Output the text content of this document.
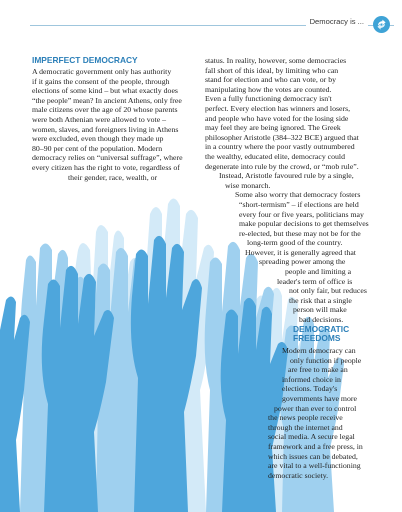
Democracy is ...
IMPERFECT DEMOCRACY
A democratic government only has authority
if it gains the consent of the people, through
elections of some kind – but what exactly does
“the people” mean? In ancient Athens, only free
male citizens over the age of 20 whose parents
were both Athenian were allowed to vote –
women, slaves, and foreigners living in Athens
were excluded, even though they made up
80–90 per cent of the population. Modern
democracy relies on “universal suffrage”, where
every citizen has the right to vote, regardless of
their gender, race, wealth, or
status. In reality, however, some democracies
fall short of this ideal, by limiting who can
stand for election and who can vote, or by
manipulating how the votes are counted.
Even a fully functioning democracy isn't
perfect. Every election has winners and losers,
and people who have voted for the losing side
may feel they are being ignored. The Greek
philosopher Aristotle (384–322 BCE) argued that
in a country where the poor vastly outnumbered
the wealthy, educated elite, democracy could
degenerate into rule by the crowd, or “mob rule”.
Instead, Aristotle favoured rule by a single,
wise monarch.
Some also worry that democracy fosters
“short-termism” – if elections are held
every four or five years, politicians may
make popular decisions to get themselves
re-elected, but these may not be for the
long-term good of the country.
However, it is generally agreed that
spreading power among the
people and limiting a
leader's term of office is
not only fair, but reduces
the risk that a single
person will make
bad decisions.
DEMOCRATIC
FREEDOMS
Modern democracy can
only function if people
are free to make an
informed choice in
elections. Today's
governments have more
power than ever to control
the news people receive
through the internet and
social media. A secure legal
framework and a free press, in
which issues can be debated,
are vital to a well-functioning
democratic society.
